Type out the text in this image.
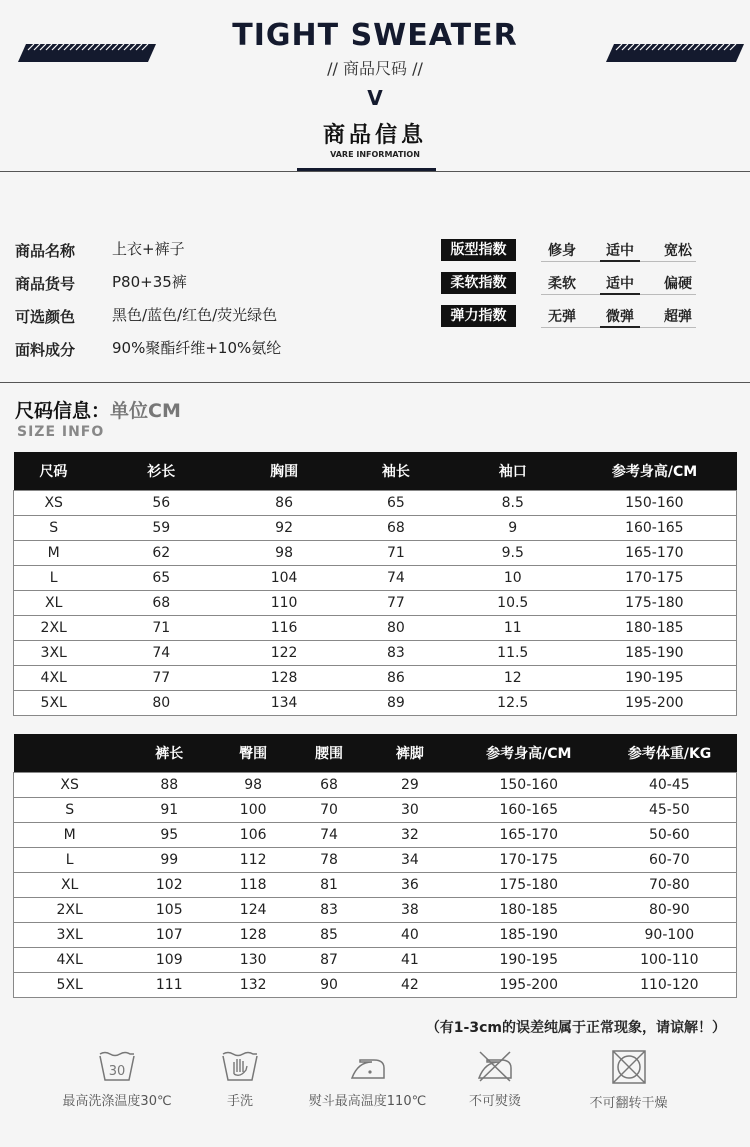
TIGHT SWEATER
// 商品尺码 //
V
商品信息
VARE INFORMATION
商品名称 上衣+裤子
商品货号 P80+35裤
可选颜色 黑色/蓝色/红色/荧光绿色
面料成分 90%聚酯纤维+10%氨纶
版型指数	修身	适中	宽松
柔软指数	柔软	适中	偏硬
弹力指数	无弹	微弹	超弹
尺码信息：单位CM
SIZE INFO
尺码	衫长	胸围	袖长	袖口	参考身高/CM
XS	56	86	65	8.5	150-160
S	59	92	68	9	160-165
M	62	98	71	9.5	165-170
L	65	104	74	10	170-175
XL	68	110	77	10.5	175-180
2XL	71	116	80	11	180-185
3XL	74	122	83	11.5	185-190
4XL	77	128	86	12	190-195
5XL	80	134	89	12.5	195-200
	裤长	臀围	腰围	裤脚	参考身高/CM	参考体重/KG
XS	88	98	68	29	150-160	40-45
S	91	100	70	30	160-165	45-50
M	95	106	74	32	165-170	50-60
L	99	112	78	34	170-175	60-70
XL	102	118	81	36	175-180	70-80
2XL	105	124	83	38	180-185	80-90
3XL	107	128	85	40	185-190	90-100
4XL	109	130	87	41	190-195	100-110
5XL	111	132	90	42	195-200	110-120
（有1-3cm的误差纯属于正常现象，请谅解！）
30
最高洗涤温度30℃	手洗	熨斗最高温度110℃	不可熨烫	不可翻转干燥
